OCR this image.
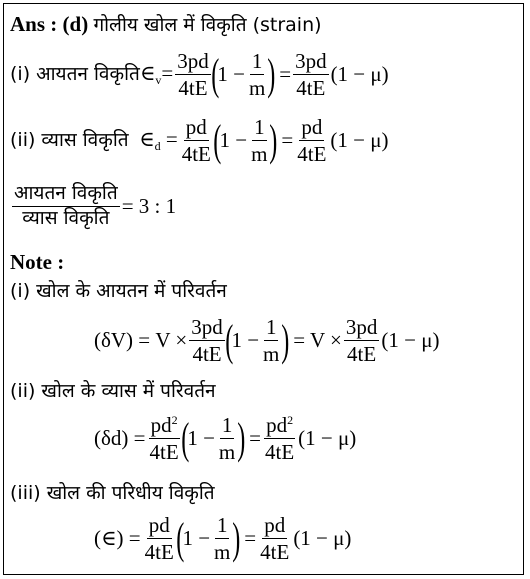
Ans : (d) गोलीय खोल में विकृति (strain)
(i) आयतन विकृति $\in_v= \frac{3pd}{4tE}$ (
$1 - \frac{1}{m}$ )
= $\frac{3pd}{4tE} (1 - \mu)$
(ii) व्यास विकृति
$\in_d = \frac{pd}{4tE}$ (
$1 - \frac{1}{m}$ )
= $\frac{pd}{4tE} (1 - \mu)$
$\frac{\text{आयतन विकृति}}{\text{व्यास विकृति}} = 3$ : 1
Note :
(i) खोल के आयतन में परिवर्तन
$(\delta V) = V \times \frac{3pd}{4tE}$ (
$1 - \frac{1}{m}$ )
= $V \times \frac{3pd}{4tE} (1 - \mu)$
(ii) खोल के व्यास में परिवर्तन
$(\delta d) = \frac{pd^2}{4tE}$ (
$1 - \frac{1}{m}$ )
= $\frac{pd^2}{4tE} (1 - \mu)$
(iii) खोल की परिधीय विकृति
(∈) = $\frac{pd}{4tE}$ (
$1 - \frac{1}{m}$ )
= $\frac{pd}{4tE} (1 - \mu)$
